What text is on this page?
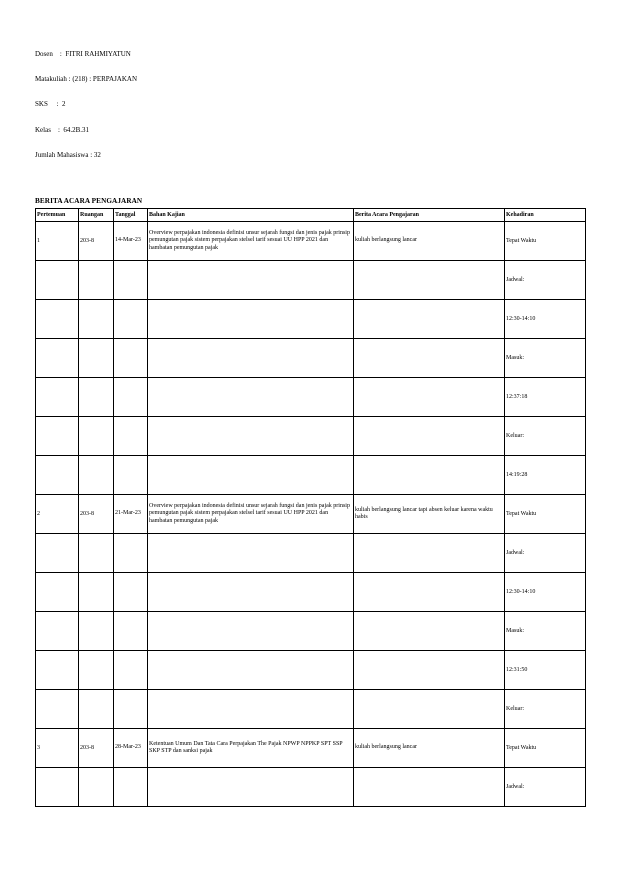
Dosen    :  FITRI RAHMIYATUN
Matakuliah : (218) : PERPAJAKAN
SKS     :  2
Kelas    :  64.2B.31
Jumlah Mahasiswa : 32
BERITA ACARA PENGAJARAN
Pertemuan	Ruangan	Tanggal	Bahan Kajian	Berita Acara Pengajaran	Kehadiran
1	203-8	14-Mar-23	Overview perpajakan indonesia definisi unsur sejarah fungsi dan jenis pajak prinsip pemungutan pajak sistem perpajakan stelsel tarif sesuai UU HPP 2021 dan hambatan pemungutan pajak	kuliah berlangsung lancar	Tepat Waktu
					Jadwal:
					12:30-14:10
					Masuk:
					12:37:18
					Keluar:
					14:19:28
2	203-8	21-Mar-23	Overview perpajakan indonesia definisi unsur sejarah fungsi dan jenis pajak prinsip pemungutan pajak sistem perpajakan stelsel tarif sesuai UU HPP 2021 dan hambatan pemungutan pajak	kuliah berlangsung lancar tapi absen keluar karena waktu habis	Tepat Waktu
					Jadwal:
					12:30-14:10
					Masuk:
					12:31:50
					Keluar:
3	203-8	28-Mar-23	Ketentuan Umum Dan Tata Cara Perpajakan The Pajak NPWP NPPKP SPT SSP SKP STP dan sanksi pajak	kuliah berlangsung lancar	Tepat Waktu
					Jadwal:
